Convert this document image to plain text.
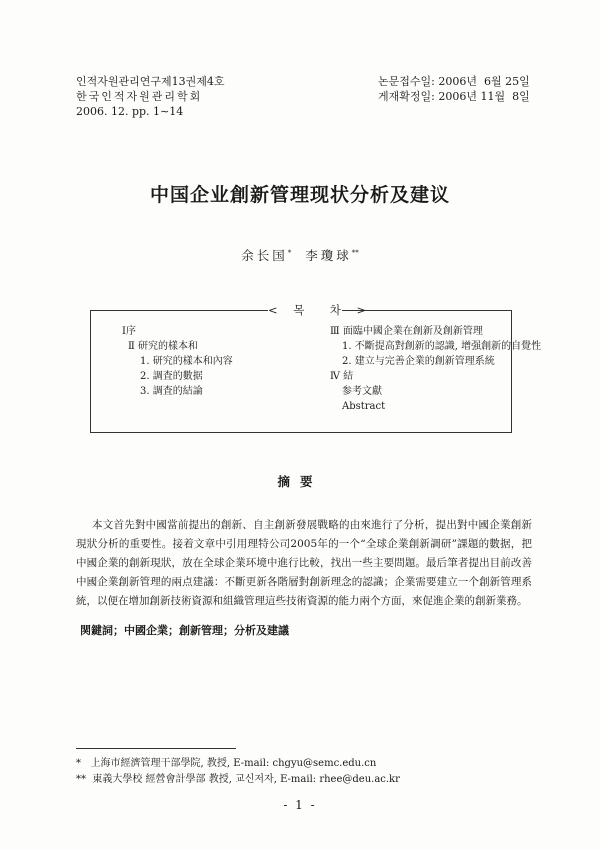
인적자원관리연구제13권제4호
한국인적자원관리학회
2006. 12. pp. 1∼14
논문접수일: 2006년  6월 25일
게재확정일: 2006년 11월  8일
中国企业創新管理现状分析及建议
余长国* 李瓊球**
< 목  차 >
Ⅰ序
Ⅱ 研究的樣本和
1. 研究的樣本和內容
2. 調査的數据
3. 調査的結論
Ⅲ 面臨中國企業在創新及創新管理
1. 不斷提高對創新的認識, 增强創新的自覺性
2. 建立与完善企業的創新管理系統
Ⅳ 結
参考文獻
Abstract
摘要
本文首先對中國當前提出的創新、自主創新發展戰略的由來進行了分析，提出對中國企業創新現狀分析的重要性。接着文章中引用理特公司2005年的一个“全球企業創新調研”課題的數据，把中國企業的創新現狀，放在全球企業环境中進行比較，找出一些主要問題。最后筆者提出目前改善中國企業創新管理的兩点建議：不斷更新各階層對創新理念的認識；企業需要建立一个創新管理系統，以便在增加創新技術資源和組織管理這些技術資源的能力兩个方面，來促進企業的創新業務。
関鍵詞；中國企業；創新管理；分析及建議
*   上海市經濟管理干部學院, 教授, E-mail: chgyu@semc.edu.cn
**  東義大學校 經營會計學部 教授, 교신저자, E-mail: rhee@deu.ac.kr
- 1 -
